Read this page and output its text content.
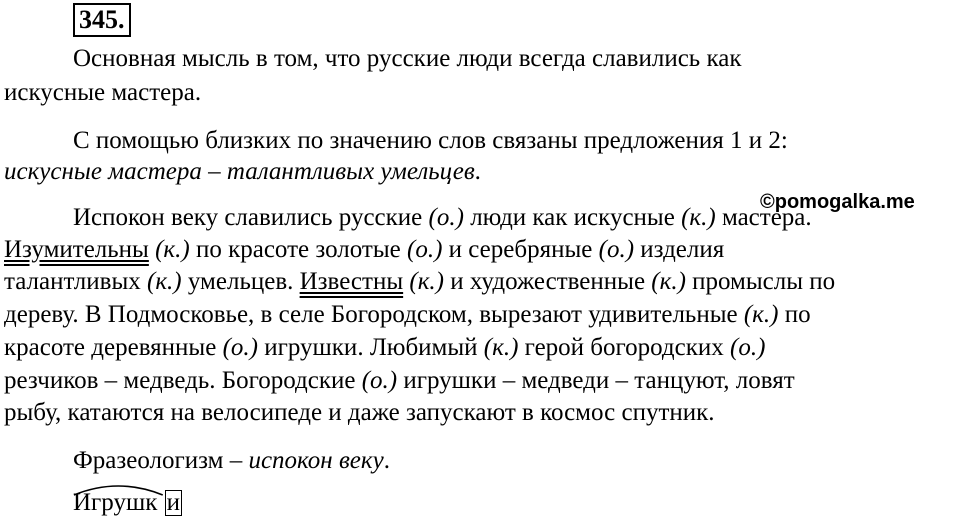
345.
Основная мысль в том, что русские люди всегда славились как
искусные мастера.
С помощью близких по значению слов связаны предложения 1 и 2:
искусные мастера – талантливых умельцев.
©pomogalka.me
Испокон веку славились русские (о.) люди как искусные (к.) мастера.
Изумительны (к.) по красоте золотые (о.) и серебряные (о.) изделия
талантливых (к.) умельцев. Известны (к.) и художественные (к.) промыслы по
дереву. В Подмосковье, в селе Богородском, вырезают удивительные (к.) по
красоте деревянные (о.) игрушки. Любимый (к.) герой богородских (о.)
резчиков – медведь. Богородские (о.) игрушки – медведи – танцуют, ловят
рыбу, катаются на велосипеде и даже запускают в космос спутник.
Фразеологизм – испокон веку.
Игрушк и
